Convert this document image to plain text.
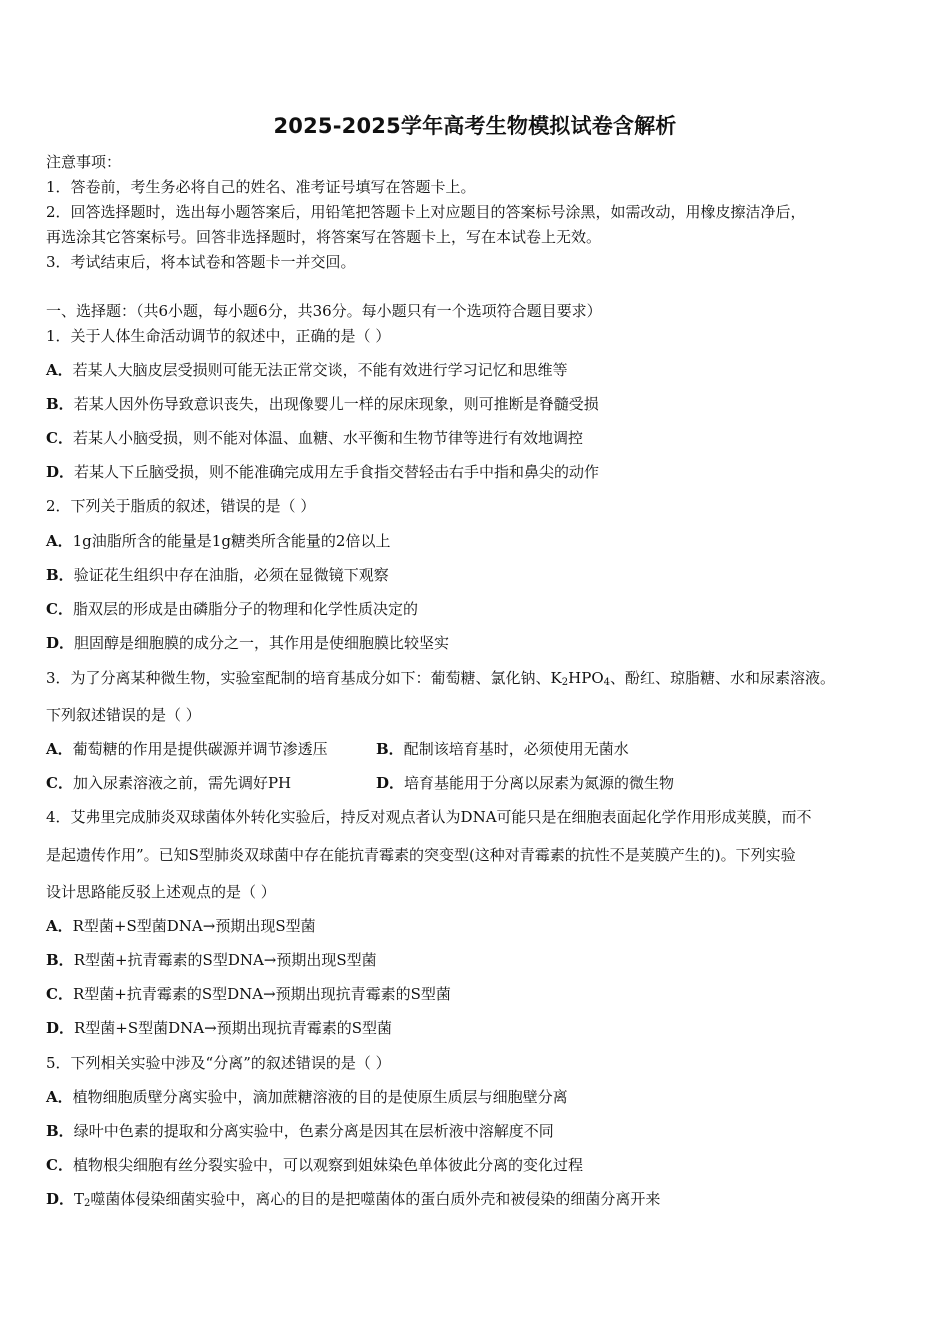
2025-2025学年高考生物模拟试卷含解析
注意事项：
1．答卷前，考生务必将自己的姓名、准考证号填写在答题卡上。
2．回答选择题时，选出每小题答案后，用铅笔把答题卡上对应题目的答案标号涂黑，如需改动，用橡皮擦洁净后，
再选涂其它答案标号。回答非选择题时，将答案写在答题卡上，写在本试卷上无效。
3．考试结束后，将本试卷和答题卡一并交回。
一、选择题：（共6小题，每小题6分，共36分。每小题只有一个选项符合题目要求）
1．关于人体生命活动调节的叙述中，正确的是（ ）
A．若某人大脑皮层受损则可能无法正常交谈，不能有效进行学习记忆和思维等
B．若某人因外伤导致意识丧失，出现像婴儿一样的尿床现象，则可推断是脊髓受损
C．若某人小脑受损，则不能对体温、血糖、水平衡和生物节律等进行有效地调控
D．若某人下丘脑受损，则不能准确完成用左手食指交替轻击右手中指和鼻尖的动作
2．下列关于脂质的叙述，错误的是（ ）
A．1g油脂所含的能量是1g糖类所含能量的2倍以上
B．验证花生组织中存在油脂，必须在显微镜下观察
C．脂双层的形成是由磷脂分子的物理和化学性质决定的
D．胆固醇是细胞膜的成分之一，其作用是使细胞膜比较坚实
3．为了分离某种微生物，实验室配制的培育基成分如下：葡萄糖、氯化钠、$K_2HPO_4$、酚红、琼脂糖、水和尿素溶液。
下列叙述错误的是（ ）
A．葡萄糖的作用是提供碳源并调节渗透压	B．配制该培育基时，必须使用无菌水
C．加入尿素溶液之前，需先调好PH	D．培育基能用于分离以尿素为氮源的微生物
4．艾弗里完成肺炎双球菌体外转化实验后，持反对观点者认为DNA可能只是在细胞表面起化学作用形成荚膜，而不
是起遗传作用”。已知S型肺炎双球菌中存在能抗青霉素的突变型(这种对青霉素的抗性不是荚膜产生的)。下列实验
设计思路能反驳上述观点的是（ ）
A．R型菌+S型菌DNA→预期出现S型菌
B．R型菌+抗青霉素的S型DNA→预期出现S型菌
C．R型菌+抗青霉素的S型DNA→预期出现抗青霉素的S型菌
D．R型菌+S型菌DNA→预期出现抗青霉素的S型菌
5．下列相关实验中涉及“分离”的叙述错误的是（ ）
A．植物细胞质壁分离实验中，滴加蔗糖溶液的目的是使原生质层与细胞壁分离
B．绿叶中色素的提取和分离实验中，色素分离是因其在层析液中溶解度不同
C．植物根尖细胞有丝分裂实验中，可以观察到姐妹染色单体彼此分离的变化过程
D．$T_2$噬菌体侵染细菌实验中，离心的目的是把噬菌体的蛋白质外壳和被侵染的细菌分离开来
